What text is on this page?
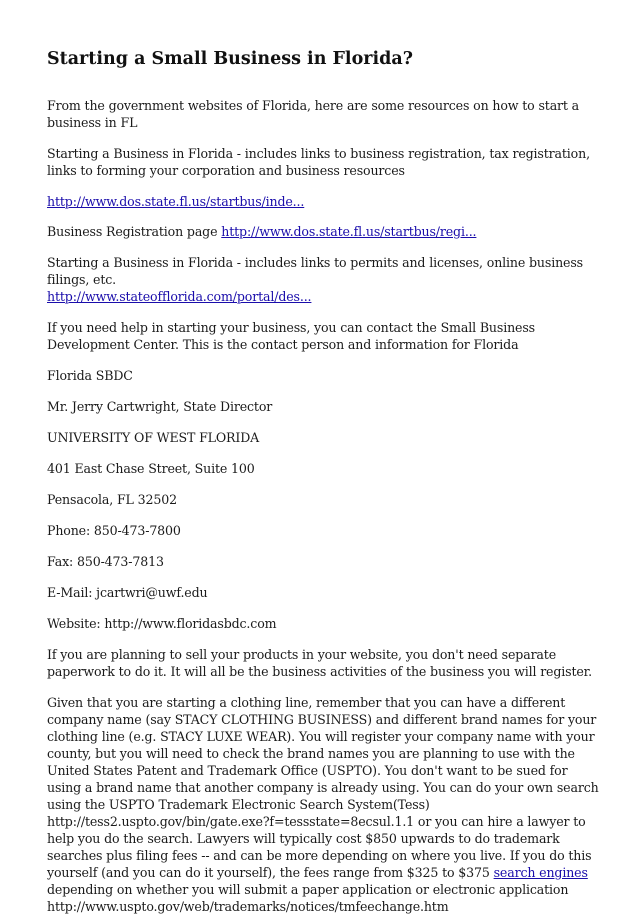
Starting a Small Business in Florida?

From the government websites of Florida, here are some resources on how to start a business in FL

Starting a Business in Florida - includes links to business registration, tax registration, links to forming your corporation and business resources

http://www.dos.state.fl.us/startbus/inde...

Business Registration page http://www.dos.state.fl.us/startbus/regi...

Starting a Business in Florida - includes links to permits and licenses, online business filings, etc.
http://www.stateofflorida.com/portal/des...

If you need help in starting your business, you can contact the Small Business Development Center. This is the contact person and information for Florida

Florida SBDC

Mr. Jerry Cartwright, State Director

UNIVERSITY OF WEST FLORIDA

401 East Chase Street, Suite 100

Pensacola, FL 32502

Phone: 850-473-7800

Fax: 850-473-7813

E-Mail: jcartwri@uwf.edu

Website: http://www.floridasbdc.com

If you are planning to sell your products in your website, you don't need separate paperwork to do it. It will all be the business activities of the business you will register.

Given that you are starting a clothing line, remember that you can have a different company name (say STACY CLOTHING BUSINESS) and different brand names for your clothing line (e.g. STACY LUXE WEAR). You will register your company name with your county, but you will need to check the brand names you are planning to use with the United States Patent and Trademark Office (USPTO). You don't want to be sued for using a brand name that another company is already using. You can do your own search using the USPTO Trademark Electronic Search System(Tess) http://tess2.uspto.gov/bin/gate.exe?f=tessstate=8ecsul.1.1 or you can hire a lawyer to help you do the search. Lawyers will typically cost $850 upwards to do trademark searches plus filing fees -- and can be more depending on where you live. If you do this yourself (and you can do it yourself), the fees range from $325 to $375 search engines depending on whether you will submit a paper application or electronic application http://www.uspto.gov/web/trademarks/notices/tmfeechange.htm
